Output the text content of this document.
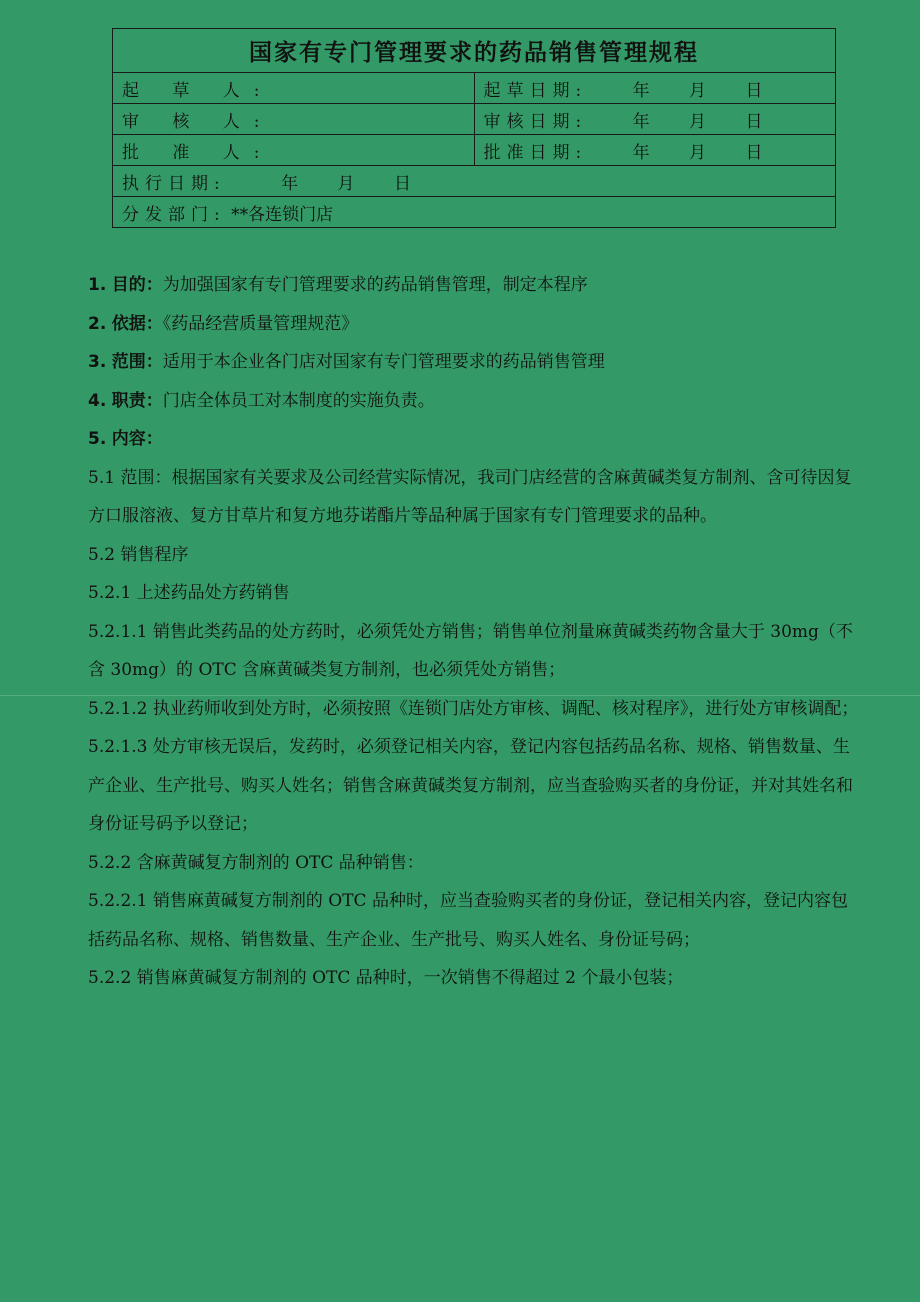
国家有专门管理要求的药品销售管理规程	
起 草 人:	起草日期: 年 月 日
审 核 人:	审核日期: 年 月 日
批 准 人:	批准日期: 年 月 日
执行日期: 年 月 日	
分发部门: **各连锁门店	

1. 目的：为加强国家有专门管理要求的药品销售管理，制定本程序

2. 依据：《药品经营质量管理规范》

3. 范围：适用于本企业各门店对国家有专门管理要求的药品销售管理

4. 职责：门店全体员工对本制度的实施负责。

5. 内容：

5.1 范围：根据国家有关要求及公司经营实际情况，我司门店经营的含麻黄碱类复方制剂、含可待因复方口服溶液、复方甘草片和复方地芬诺酯片等品种属于国家有专门管理要求的品种。

5.2 销售程序

5.2.1 上述药品处方药销售

5.2.1.1 销售此类药品的处方药时，必须凭处方销售；销售单位剂量麻黄碱类药物含量大于 30mg（不含 30mg）的 OTC 含麻黄碱类复方制剂，也必须凭处方销售；

5.2.1.2 执业药师收到处方时，必须按照《连锁门店处方审核、调配、核对程序》，进行处方审核调配；

5.2.1.3 处方审核无误后，发药时，必须登记相关内容，登记内容包括药品名称、规格、销售数量、生产企业、生产批号、购买人姓名；销售含麻黄碱类复方制剂，应当查验购买者的身份证，并对其姓名和身份证号码予以登记；

5.2.2 含麻黄碱复方制剂的 OTC 品种销售：

5.2.2.1 销售麻黄碱复方制剂的 OTC 品种时，应当查验购买者的身份证，登记相关内容，登记内容包括药品名称、规格、销售数量、生产企业、生产批号、购买人姓名、身份证号码；

5.2.2 销售麻黄碱复方制剂的 OTC 品种时，一次销售不得超过 2 个最小包装；
